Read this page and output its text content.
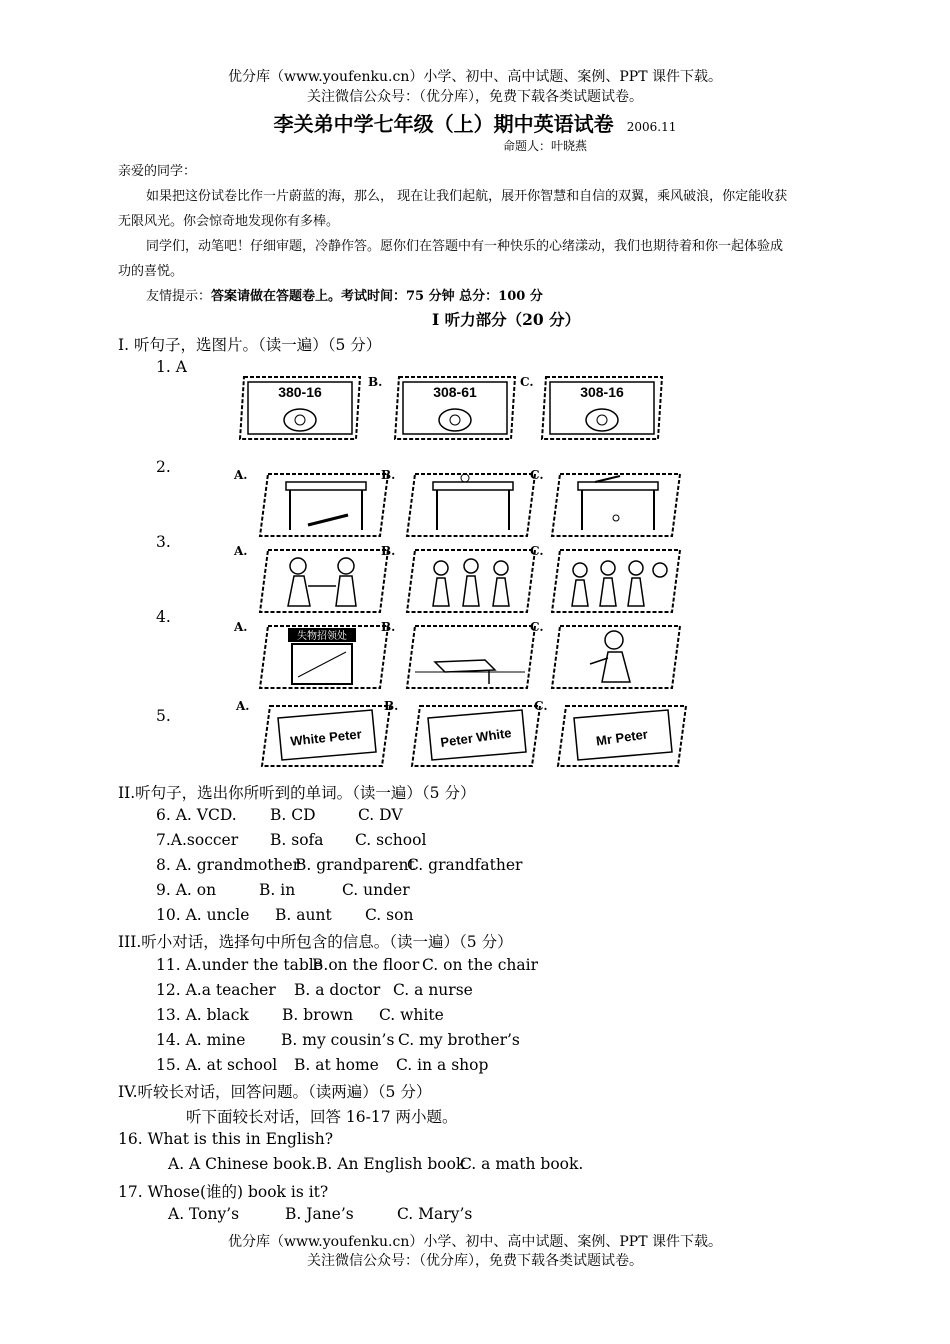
优分库（www.youfenku.cn）小学、初中、高中试题、案例、PPT 课件下载。
关注微信公众号：（优分库），免费下载各类试题试卷。
李关弟中学七年级（上）期中英语试卷 2006.11
命题人：叶晓燕
亲爱的同学：
如果把这份试卷比作一片蔚蓝的海，那么， 现在让我们起航，展开你智慧和自信的双翼，乘风破浪，你定能收获
无限风光。你会惊奇地发现你有多棒。
同学们，动笔吧！仔细审题，冷静作答。愿你们在答题中有一种快乐的心绪漾动，我们也期待着和你一起体验成
功的喜悦。
友情提示：答案请做在答题卷上。考试时间：75 分钟 总分：100 分
I 听力部分（20 分）
I. 听句子，选图片。（读一遍）（5 分）
1. A
2.
3.
4.
5.
380-16
B.
308-61
C.
308-16
A.	B.	C.
A.	B.	C.
A.
失物招领处
B.	C.
A.
White Peter
B.
Peter White
C.
Mr Peter
II.听句子，选出你所听到的单词。（读一遍）（5 分）
6. A. VCD. B. CD	C. DV
7.A.soccer B. sofa C. school
8. A. grandmother
B. grandparent
C. grandfather
9. A. on	B. in	C. under
10. A. uncle B. aunt C. son
III.听小对话，选择句中所包含的信息。（读一遍）（5 分）
11. A.under the table
B.on the floor C. on the chair
12. A.a teacher B. a doctor C. a nurse
13. A. black B. brown C. white
14. A. mine B. my cousin’s C. my brother’s
15. A. at school B. at home C. in a shop
IV.听较长对话，回答问题。（读两遍）（5 分）
听下面较长对话，回答 16-17 两小题。
16. What is this in English?
A. A Chinese book. B. An English book
C. a math book.
17. Whose(谁的) book is it?
A. Tony’s	B. Jane’s	C. Mary’s
优分库（www.youfenku.cn）小学、初中、高中试题、案例、PPT 课件下载。
关注微信公众号：（优分库），免费下载各类试题试卷。
